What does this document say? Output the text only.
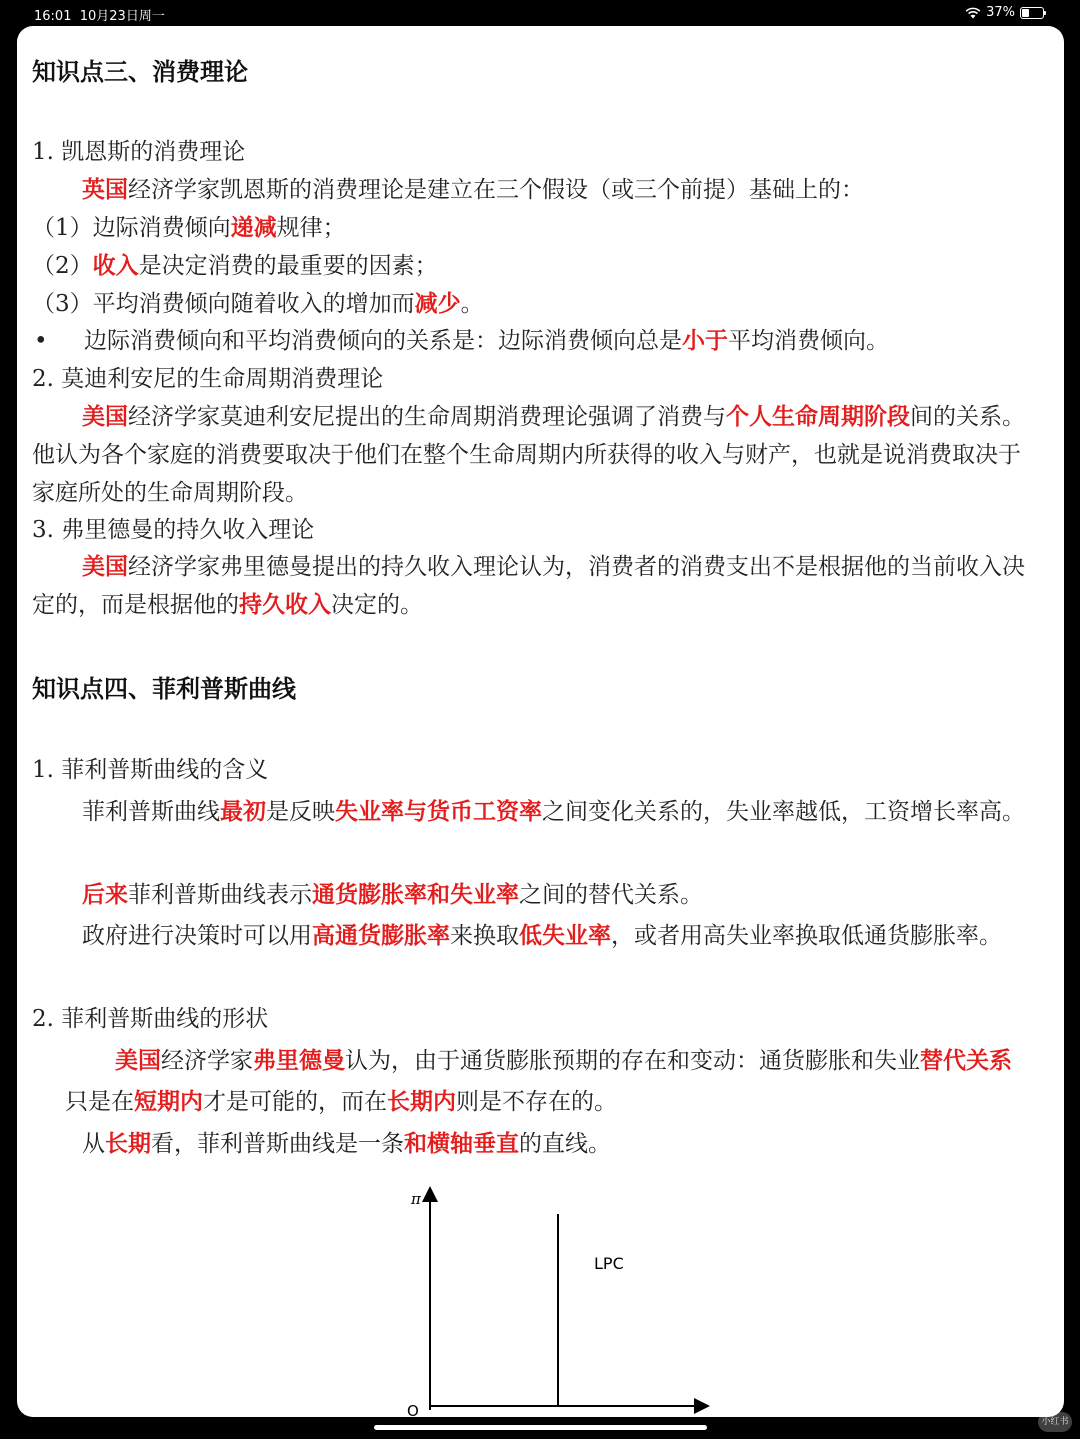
16:01 10月23日周一	37%
知识点三、消费理论
1. 凯恩斯的消费理论
英国经济学家凯恩斯的消费理论是建立在三个假设（或三个前提）基础上的：
（1）边际消费倾向递减规律；
（2）收入是决定消费的最重要的因素；
（3）平均消费倾向随着收入的增加而减少。
• 边际消费倾向和平均消费倾向的关系是：边际消费倾向总是小于平均消费倾向。
2. 莫迪利安尼的生命周期消费理论
美国经济学家莫迪利安尼提出的生命周期消费理论强调了消费与个人生命周期阶段间的关系。他认为各个家庭的消费要取决于他们在整个生命周期内所获得的收入与财产，也就是说消费取决于家庭所处的生命周期阶段。
3. 弗里德曼的持久收入理论
美国经济学家弗里德曼提出的持久收入理论认为，消费者的消费支出不是根据他的当前收入决定的，而是根据他的持久收入决定的。
知识点四、菲利普斯曲线
1. 菲利普斯曲线的含义
菲利普斯曲线最初是反映失业率与货币工资率之间变化关系的，失业率越低，工资增长率高。
后来菲利普斯曲线表示通货膨胀率和失业率之间的替代关系。
政府进行决策时可以用高通货膨胀率来换取低失业率，或者用高失业率换取低通货膨胀率。
2. 菲利普斯曲线的形状
美国经济学家弗里德曼认为，由于通货膨胀预期的存在和变动：通货膨胀和失业替代关系只是在短期内才是可能的，而在长期内则是不存在的。
从长期看，菲利普斯曲线是一条和横轴垂直的直线。
π
O
LPC
小红书
